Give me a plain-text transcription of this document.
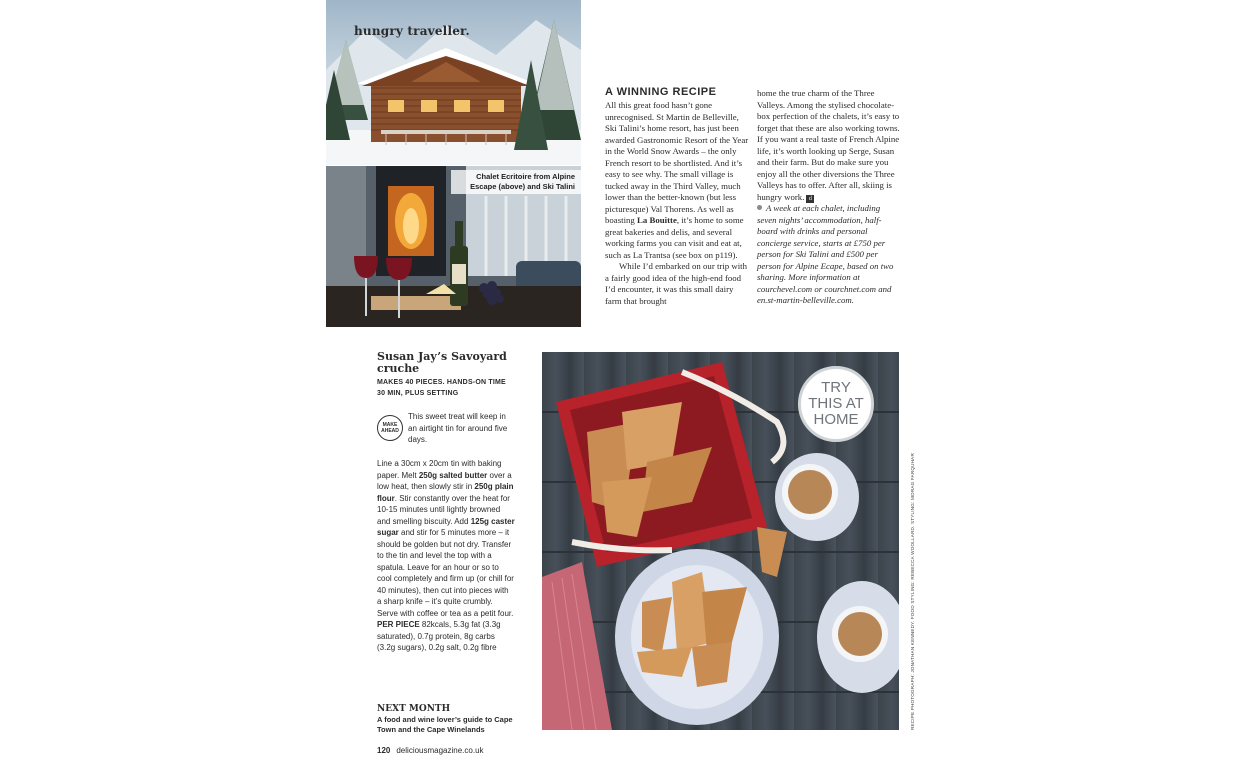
hungry traveller.
Chalet Ecritoire from Alpine Escape (above) and Ski Talini
A WINNING RECIPE

All this great food hasn’t gone unrecognised. St Martin de Belleville, Ski Talini’s home resort, has just been awarded Gastronomic Resort of the Year in the World Snow Awards – the only French resort to be shortlisted. And it’s easy to see why. The small village is tucked away in the Third Valley, much lower than the better-known (but less picturesque) Val Thorens. As well as boasting La Bouitte, it’s home to some great bakeries and delis, and several working farms you can visit and eat at, such as La Trantsa (see box on p119).

While I’d embarked on our trip with a fairly good idea of the high-end food I’d encounter, it was this small dairy farm that brought

home the true charm of the Three Valleys. Among the stylised chocolate-box perfection of the chalets, it’s easy to forget that these are also working towns. If you want a real taste of French Alpine life, it’s worth looking up Serge, Susan and their farm. But do make sure you enjoy all the other diversions the Three Valleys has to offer. After all, skiing is hungry work. d

A week at each chalet, including seven nights’ accommodation, half-board with drinks and personal concierge service, starts at £750 per person for Ski Talini and £500 per person for Alpine Ecape, based on two sharing. More information at courchevel.com or courchnet.com and en.st-martin-belleville.com.

Susan Jay’s Savoyard cruche
MAKES 40 PIECES. HANDS-ON TIME
30 MIN, PLUS SETTING
MAKE
AHEAD
This sweet treat will keep in an airtight tin for around five days.
Line a 30cm x 20cm tin with baking paper. Melt 250g salted butter over a low heat, then slowly stir in 250g plain flour. Stir constantly over the heat for 10-15 minutes until lightly browned and smelling biscuity. Add 125g caster sugar and stir for 5 minutes more – it should be golden but not dry. Transfer to the tin and level the top with a spatula. Leave for an hour or so to cool completely and firm up (or chill for 40 minutes), then cut into pieces with a sharp knife – it’s quite crumbly. Serve with coffee or tea as a petit four.
PER PIECE 82kcals, 5.3g fat (3.3g saturated), 0.7g protein, 8g carbs (3.2g sugars), 0.2g salt, 0.2g fibre
NEXT MONTH
A food and wine lover’s guide to Cape Town and the Cape Winelands
120 deliciousmagazine.co.uk
TRY
THIS AT
HOME
RECIPE PHOTOGRAPH: JONATHAN KENNEDY. FOOD STYLING: REBECCA WOOLLARD. STYLING: MORAG FARQUHAR
